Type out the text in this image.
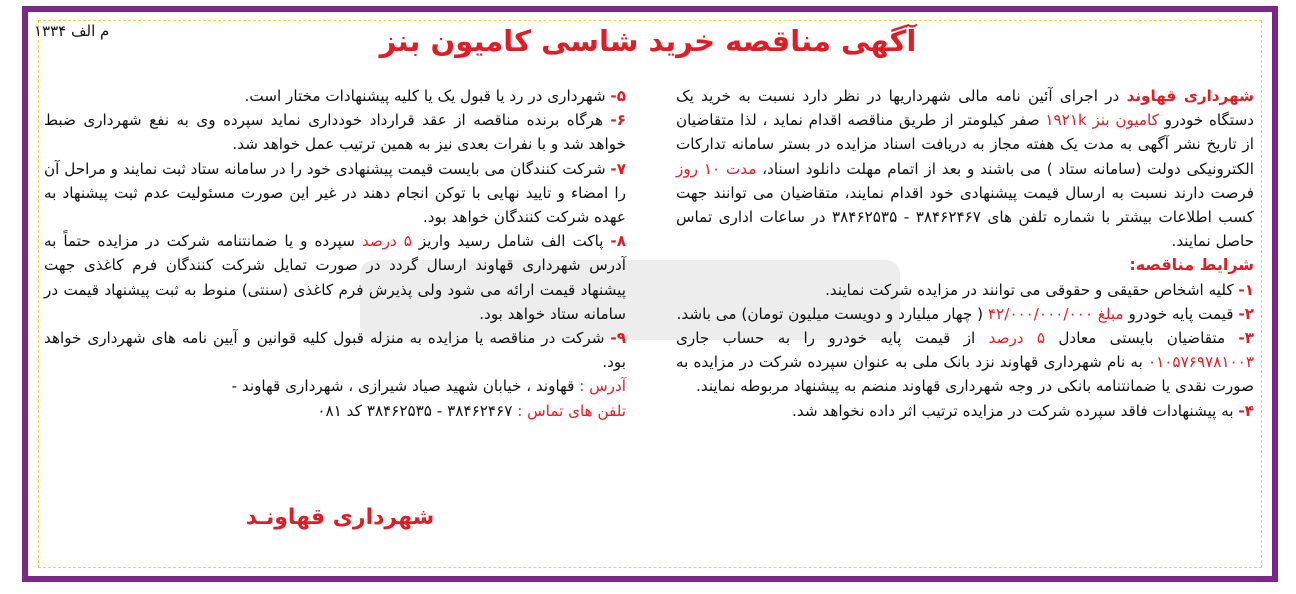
م الف ۱۳۳۴	آگهی مناقصه خرید شاسی کامیون بنز

شهرداری قهاوند در اجرای آئین نامه مالی شهرداریها در نظر دارد نسبت به خرید یک دستگاه خودرو کامیون بنز ۱۹۲۱k صفر کیلومتر از طریق مناقصه اقدام نماید ، لذا متقاضیان از تاریخ نشر آگهی به مدت یک هفته مجاز به دریافت اسناد مزایده در بستر سامانه تدارکات الکترونیکی دولت (سامانه ستاد ) می باشند و بعد از اتمام مهلت دانلود اسناد، مدت ۱۰ روز فرصت دارند نسبت به ارسال قیمت پیشنهادی خود اقدام نمایند، متقاضیان می توانند جهت کسب اطلاعات بیشتر با شماره تلفن های ۳۸۴۶۲۴۶۷ - ۳۸۴۶۲۵۳۵ در ساعات اداری تماس حاصل نمایند.

شرایط مناقصه:

۱- کلیه اشخاص حقیقی و حقوقی می توانند در مزایده شرکت نمایند.

۲- قیمت پایه خودرو مبلغ ۴۲/۰۰۰/۰۰۰/۰۰۰ ( چهار میلیارد و دویست میلیون تومان) می باشد.

۳- متقاضیان بایستی معادل ۵ درصد از قیمت پایه خودرو را به حساب جاری ۰۱۰۵۷۶۹۷۸۱۰۰۳ به نام شهرداری قهاوند نزد بانک ملی به عنوان سپرده شرکت در مزایده به صورت نقدی یا ضمانتنامه بانکی در وجه شهرداری قهاوند منضم به پیشنهاد مربوطه نمایند.

۴- به پیشنهادات فاقد سپرده شرکت در مزایده ترتیب اثر داده نخواهد شد.

۵- شهرداری در رد یا قبول یک یا کلیه پیشنهادات مختار است.

۶- هرگاه برنده مناقصه از عقد قرارداد خودداری نماید سپرده وی به نفع شهرداری ضبط خواهد شد و با نفرات بعدی نیز به همین ترتیب عمل خواهد شد.

۷- شرکت کنندگان می بایست قیمت پیشنهادی خود را در سامانه ستاد ثبت نمایند و مراحل آن را امضاء و تایید نهایی با توکن انجام دهند در غیر این صورت مسئولیت عدم ثبت پیشنهاد به عهده شرکت کنندگان خواهد بود.

۸- پاکت الف شامل رسید واریز ۵ درصد سپرده و یا ضمانتنامه شرکت در مزایده حتماً به آدرس شهرداری قهاوند ارسال گردد در صورت تمایل شرکت کنندگان فرم کاغذی جهت پیشنهاد قیمت ارائه می شود ولی پذیرش فرم کاغذی (سنتی) منوط به ثبت پیشنهاد قیمت در سامانه ستاد خواهد بود.

۹- شرکت در مناقصه یا مزایده به منزله قبول کلیه قوانین و آیین نامه های شهرداری خواهد بود.

آدرس : قهاوند ، خیابان شهید صیاد شیرازی ، شهرداری قهاوند -

تلفن های تماس : ۳۸۴۶۲۴۶۷ - ۳۸۴۶۲۵۳۵ کد ۰۸۱

شهرداری قهاونـد
